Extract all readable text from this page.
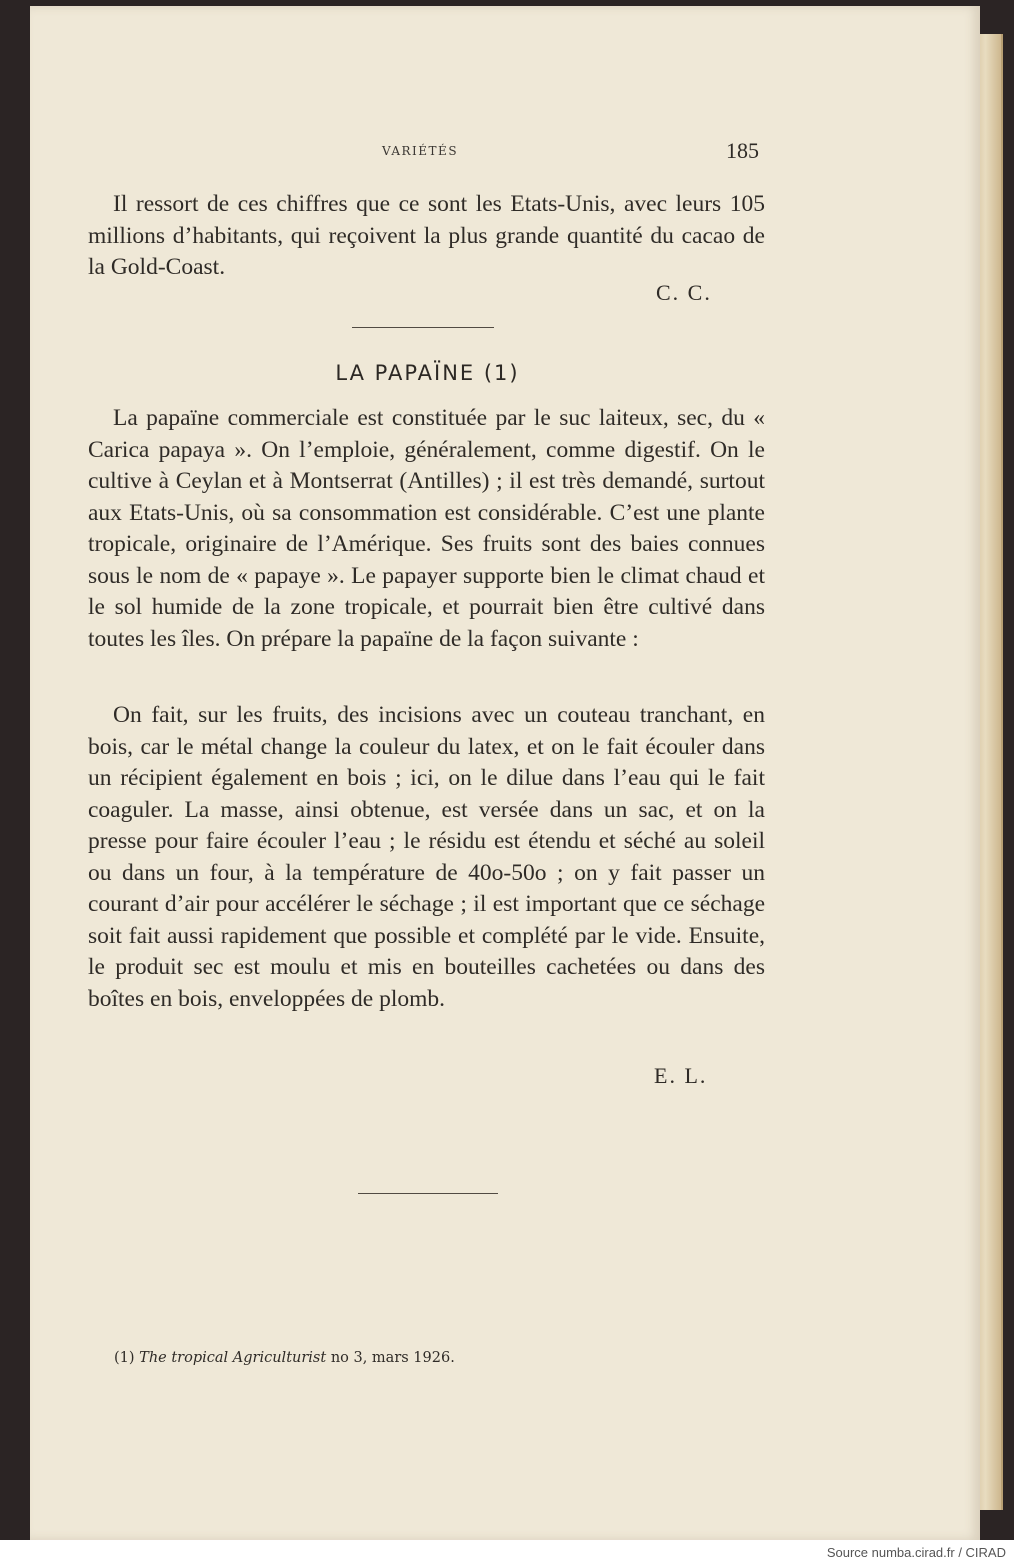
VARIÉTÉS	185

Il ressort de ces chiffres que ce sont les Etats-Unis, avec leurs 105 millions d’habitants, qui reçoivent la plus grande quantité du cacao de la Gold-Coast.

C. C.
LA PAPAÏNE (1)

La papaïne commerciale est constituée par le suc laiteux, sec, du « Carica papaya ». On l’emploie, généralement, comme digestif. On le cultive à Ceylan et à Montserrat (Antilles) ; il est très demandé, surtout aux Etats-Unis, où sa consommation est considérable. C’est une plante tropicale, originaire de l’Amérique. Ses fruits sont des baies connues sous le nom de « papaye ». Le papayer supporte bien le climat chaud et le sol humide de la zone tropicale, et pourrait bien être cultivé dans toutes les îles. On prépare la papaïne de la façon suivante :

On fait, sur les fruits, des incisions avec un couteau tranchant, en bois, car le métal change la couleur du latex, et on le fait écouler dans un récipient également en bois ; ici, on le dilue dans l’eau qui le fait coaguler. La masse, ainsi obtenue, est versée dans un sac, et on la presse pour faire écouler l’eau ; le résidu est étendu et séché au soleil ou dans un four, à la température de 40o-50o ; on y fait passer un courant d’air pour accélérer le séchage ; il est important que ce séchage soit fait aussi rapidement que possible et complété par le vide. Ensuite, le produit sec est moulu et mis en bouteilles cachetées ou dans des boîtes en bois, enveloppées de plomb.

E. L.
(1) The tropical Agriculturist no 3, mars 1926.
Source numba.cirad.fr / CIRAD
